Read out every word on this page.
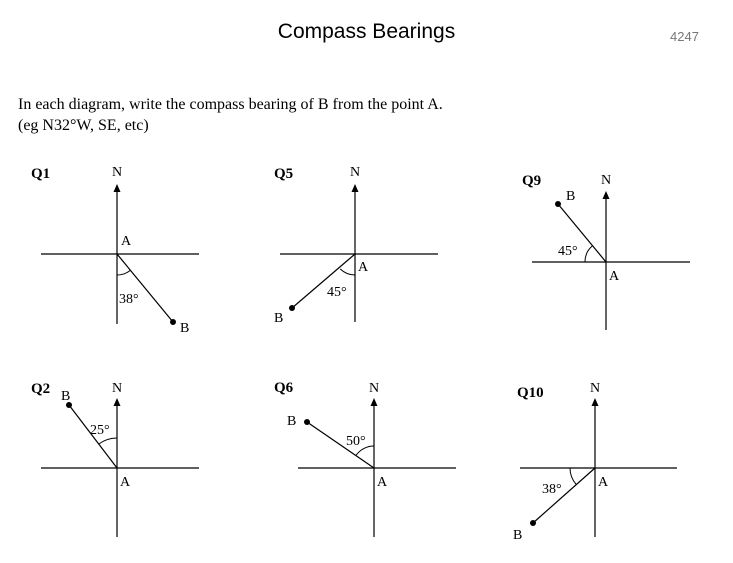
Compass Bearings	4247
In each diagram, write the compass bearing of B from the point A.
(eg N32°W, SE, etc)
Q1	N
A
B
38°
Q5	N
A
B
45°
Q9	N
A
B
45°
Q2	N
A
B
25°
Q6	N
A
B
50°
Q10	N
A
B
38°
